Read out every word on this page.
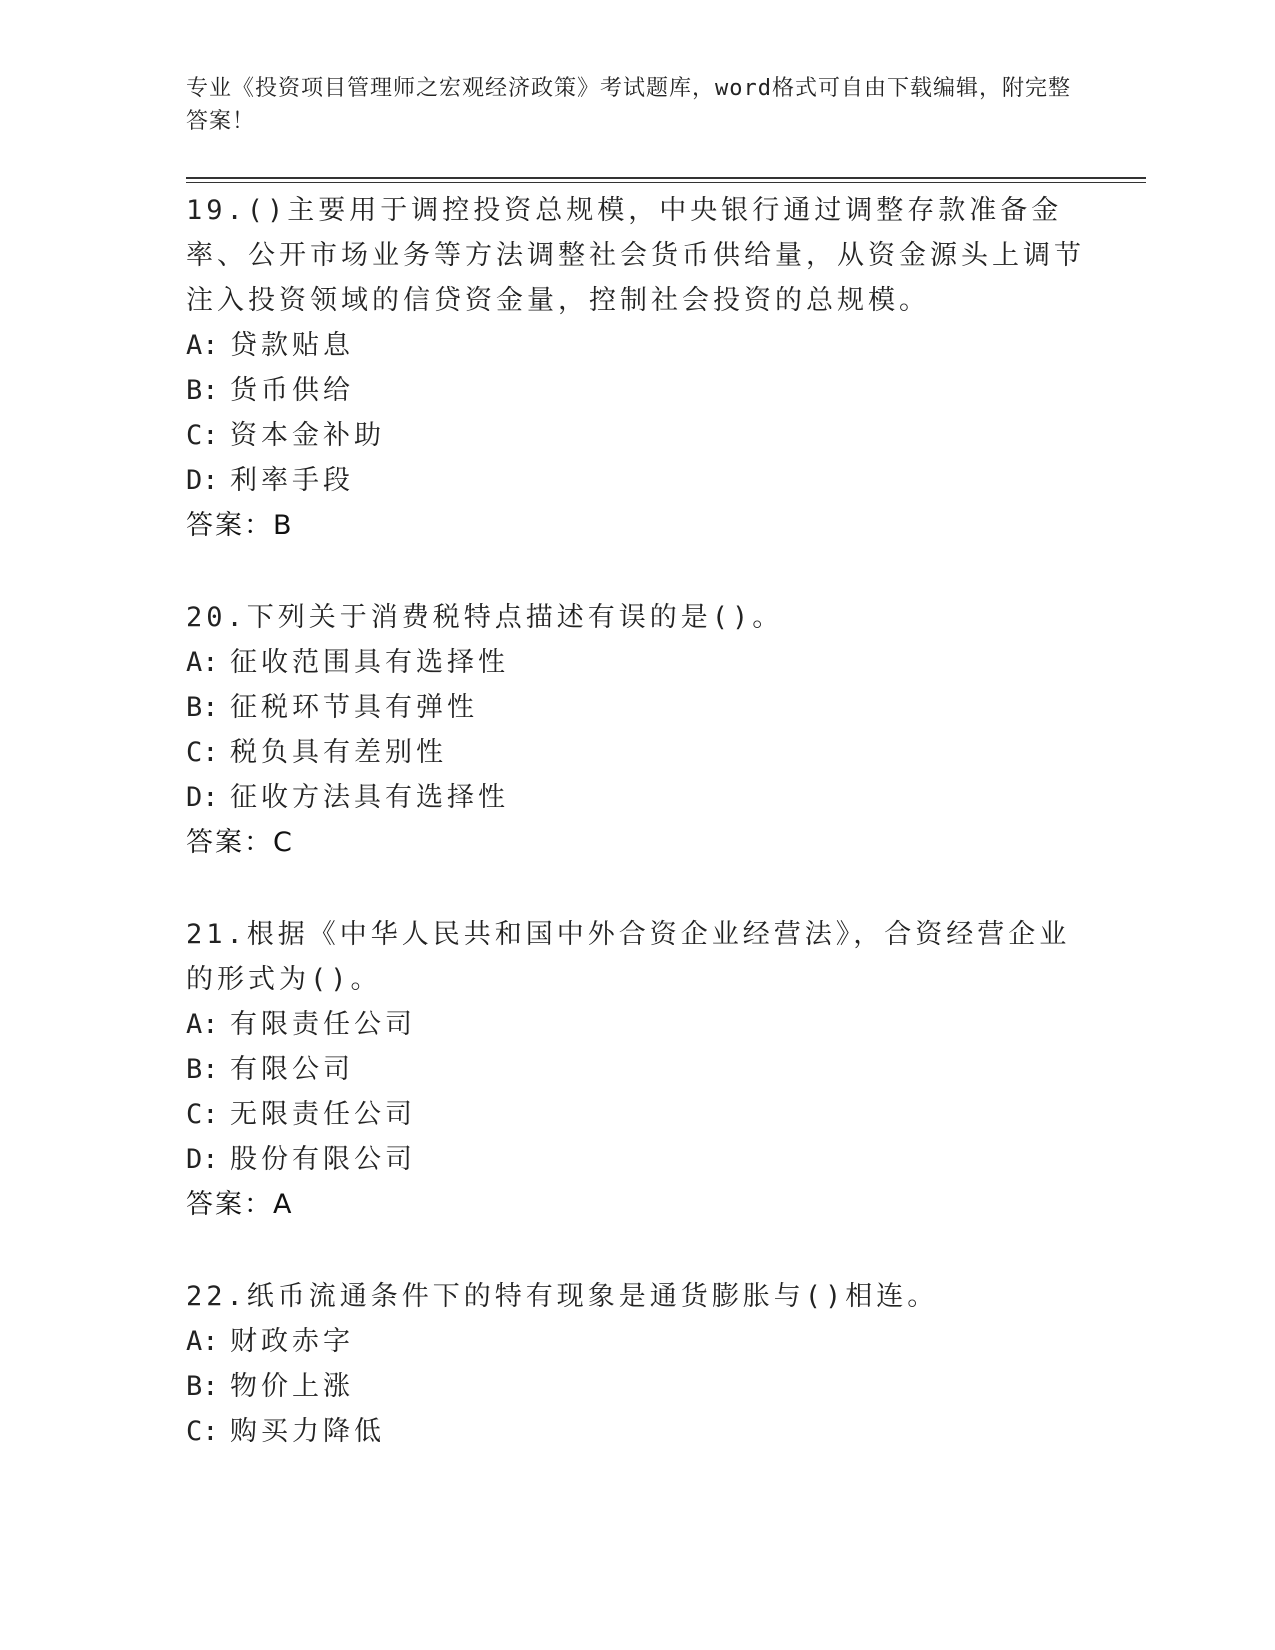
专业《投资项目管理师之宏观经济政策》考试题库，word格式可自由下载编辑，附完整答案！

19.()主要用于调控投资总规模，中央银行通过调整存款准备金率、公开市场业务等方法调整社会货币供给量，从资金源头上调节注入投资领域的信贷资金量，控制社会投资的总规模。

A: 贷款贴息

B: 货币供给

C: 资本金补助

D: 利率手段

答案：B

20.下列关于消费税特点描述有误的是()。

A: 征收范围具有选择性

B: 征税环节具有弹性

C: 税负具有差别性

D: 征收方法具有选择性

答案：C

21.根据《中华人民共和国中外合资企业经营法》，合资经营企业的形式为()。

A: 有限责任公司

B: 有限公司

C: 无限责任公司

D: 股份有限公司

答案：A

22.纸币流通条件下的特有现象是通货膨胀与()相连。

A: 财政赤字

B: 物价上涨

C: 购买力降低
